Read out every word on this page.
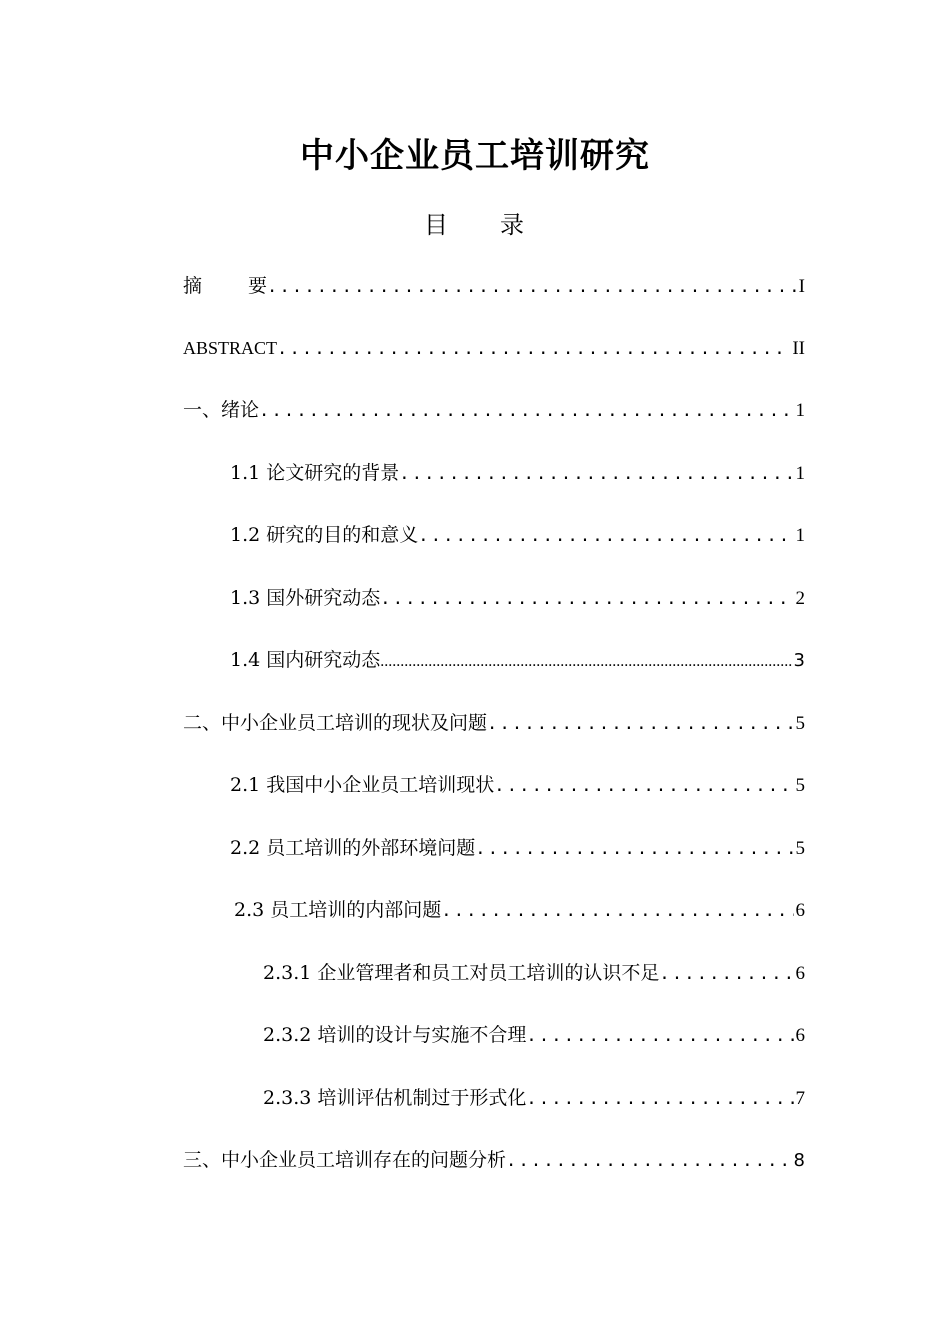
中小企业员工培训研究
目 录
摘 要 .....	I
ABSTRACT .....	II
一、绪论 .....	1
1.1 论文研究的背景 .....	1
1.2 研究的目的和意义 .....	1
1.3 国外研究动态 .....	2
1.4 国内研究动态 .....	3
二、中小企业员工培训的现状及问题 .....	5
2.1 我国中小企业员工培训现状 .....	5
2.2 员工培训的外部环境问题 .....	5
2.3 员工培训的内部问题 .....	6
2.3.1 企业管理者和员工对员工培训的认识不足 .....	6
2.3.2 培训的设计与实施不合理 .....	6
2.3.3 培训评估机制过于形式化 .....	7
三、中小企业员工培训存在的问题分析 .....	8
